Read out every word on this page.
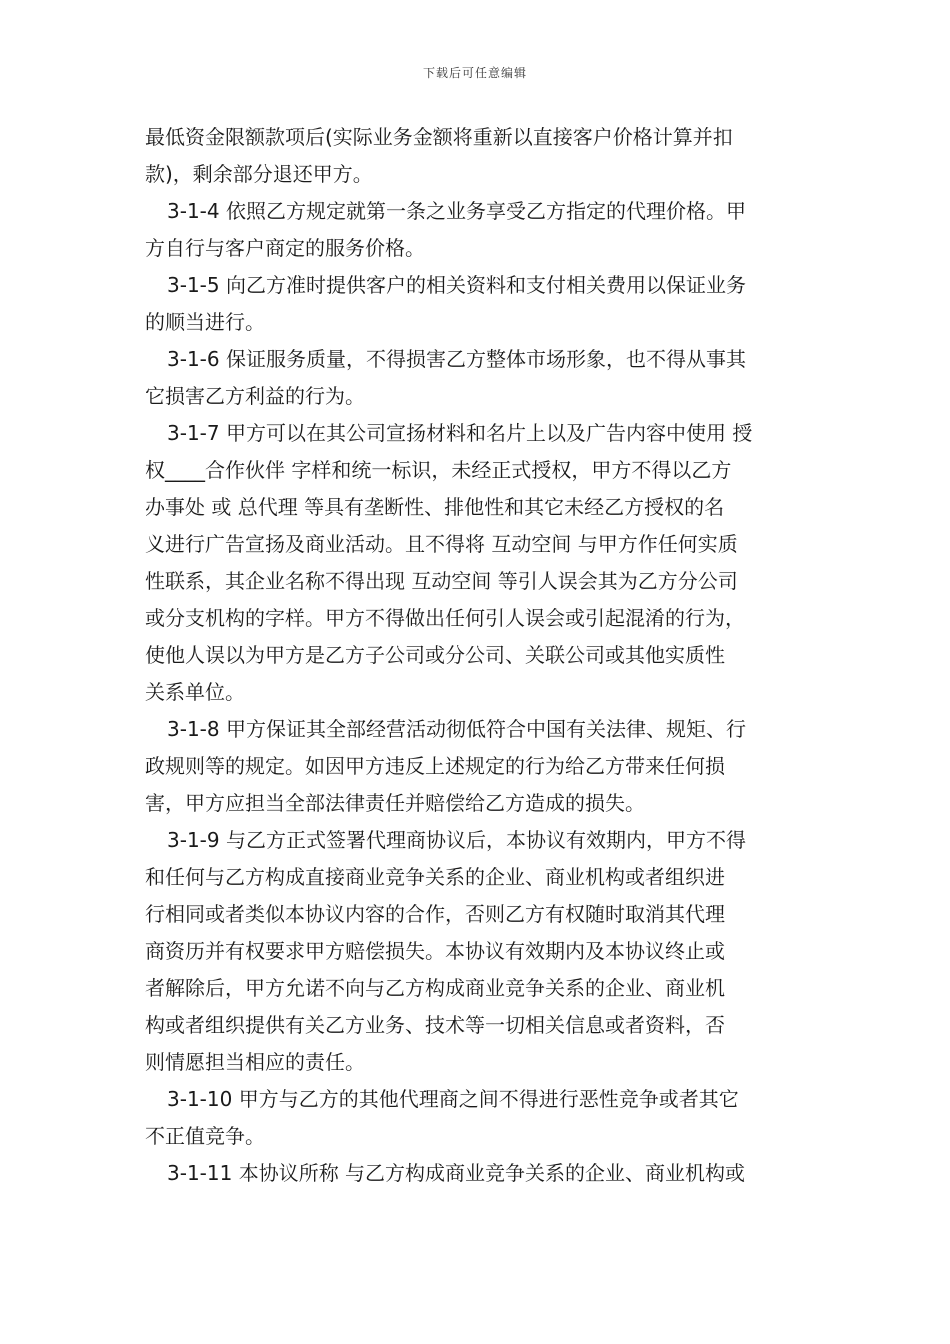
下载后可任意编辑
最低资金限额款项后(实际业务金额将重新以直接客户价格计算并扣
款)，剩余部分退还甲方。
3-1-4 依照乙方规定就第一条之业务享受乙方指定的代理价格。甲
方自行与客户商定的服务价格。
3-1-5 向乙方准时提供客户的相关资料和支付相关费用以保证业务
的顺当进行。
3-1-6 保证服务质量，不得损害乙方整体市场形象，也不得从事其
它损害乙方利益的行为。
3-1-7 甲方可以在其公司宣扬材料和名片上以及广告内容中使用 授
权____合作伙伴 字样和统一标识，未经正式授权，甲方不得以乙方
办事处 或 总代理 等具有垄断性、排他性和其它未经乙方授权的名
义进行广告宣扬及商业活动。且不得将 互动空间 与甲方作任何实质
性联系，其企业名称不得出现 互动空间 等引人误会其为乙方分公司
或分支机构的字样。甲方不得做出任何引人误会或引起混淆的行为，
使他人误以为甲方是乙方子公司或分公司、关联公司或其他实质性
关系单位。
3-1-8 甲方保证其全部经营活动彻低符合中国有关法律、规矩、行
政规则等的规定。如因甲方违反上述规定的行为给乙方带来任何损
害，甲方应担当全部法律责任并赔偿给乙方造成的损失。
3-1-9 与乙方正式签署代理商协议后，本协议有效期内，甲方不得
和任何与乙方构成直接商业竞争关系的企业、商业机构或者组织进
行相同或者类似本协议内容的合作，否则乙方有权随时取消其代理
商资历并有权要求甲方赔偿损失。本协议有效期内及本协议终止或
者解除后，甲方允诺不向与乙方构成商业竞争关系的企业、商业机
构或者组织提供有关乙方业务、技术等一切相关信息或者资料，否
则情愿担当相应的责任。
3-1-10 甲方与乙方的其他代理商之间不得进行恶性竞争或者其它
不正值竞争。
3-1-11 本协议所称 与乙方构成商业竞争关系的企业、商业机构或
